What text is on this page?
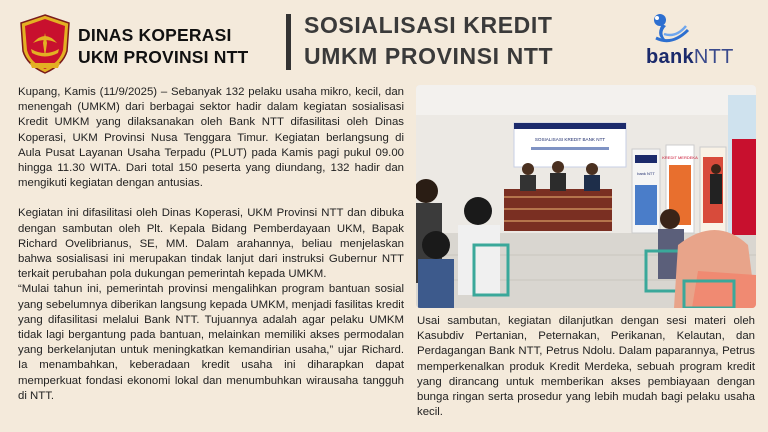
DINAS KOPERASI
UKM PROVINSI NTT
SOSIALISASI KREDIT
UMKM PROVINSI NTT	bankNTT

Kupang, Kamis (11/9/2025) – Sebanyak 132 pelaku usaha mikro, kecil, dan menengah (UMKM) dari berbagai sektor hadir dalam kegiatan sosialisasi Kredit UMKM yang dilaksanakan oleh Bank NTT difasilitasi oleh Dinas Koperasi, UKM Provinsi Nusa Tenggara Timur. Kegiatan berlangsung di Aula Pusat Layanan Usaha Terpadu (PLUT) pada Kamis pagi pukul 09.00 hingga 11.30 WITA. Dari total 150 peserta yang diundang, 132 hadir dan mengikuti kegiatan dengan antusias.

Kegiatan ini difasilitasi oleh Dinas Koperasi, UKM Provinsi NTT dan dibuka dengan sambutan oleh Plt. Kepala Bidang Pemberdayaan UKM, Bapak Richard Ovelibrianus, SE, MM. Dalam arahannya, beliau menjelaskan bahwa sosialisasi ini merupakan tindak lanjut dari instruksi Gubernur NTT terkait perubahan pola dukungan pemerintah kepada UMKM.

“Mulai tahun ini, pemerintah provinsi mengalihkan program bantuan sosial yang sebelumnya diberikan langsung kepada UMKM, menjadi fasilitas kredit yang difasilitasi melalui Bank NTT. Tujuannya adalah agar pelaku UMKM tidak lagi bergantung pada bantuan, melainkan memiliki akses permodalan yang berkelanjutan untuk meningkatkan kemandirian usaha,” ujar Richard. Ia menambahkan, keberadaan kredit usaha ini diharapkan dapat memperkuat fondasi ekonomi lokal dan menumbuhkan wirausaha tangguh di NTT.

SOSIALISASI KREDIT BANK NTT
bank NTT
KREDIT MERDEKA

Usai sambutan, kegiatan dilanjutkan dengan sesi materi oleh Kasubdiv Pertanian, Peternakan, Perikanan, Kelautan, dan Perdagangan Bank NTT, Petrus Ndolu. Dalam paparannya, Petrus memperkenalkan produk Kredit Merdeka, sebuah program kredit yang dirancang untuk memberikan akses pembiayaan dengan bunga ringan serta prosedur yang lebih mudah bagi pelaku usaha kecil.
